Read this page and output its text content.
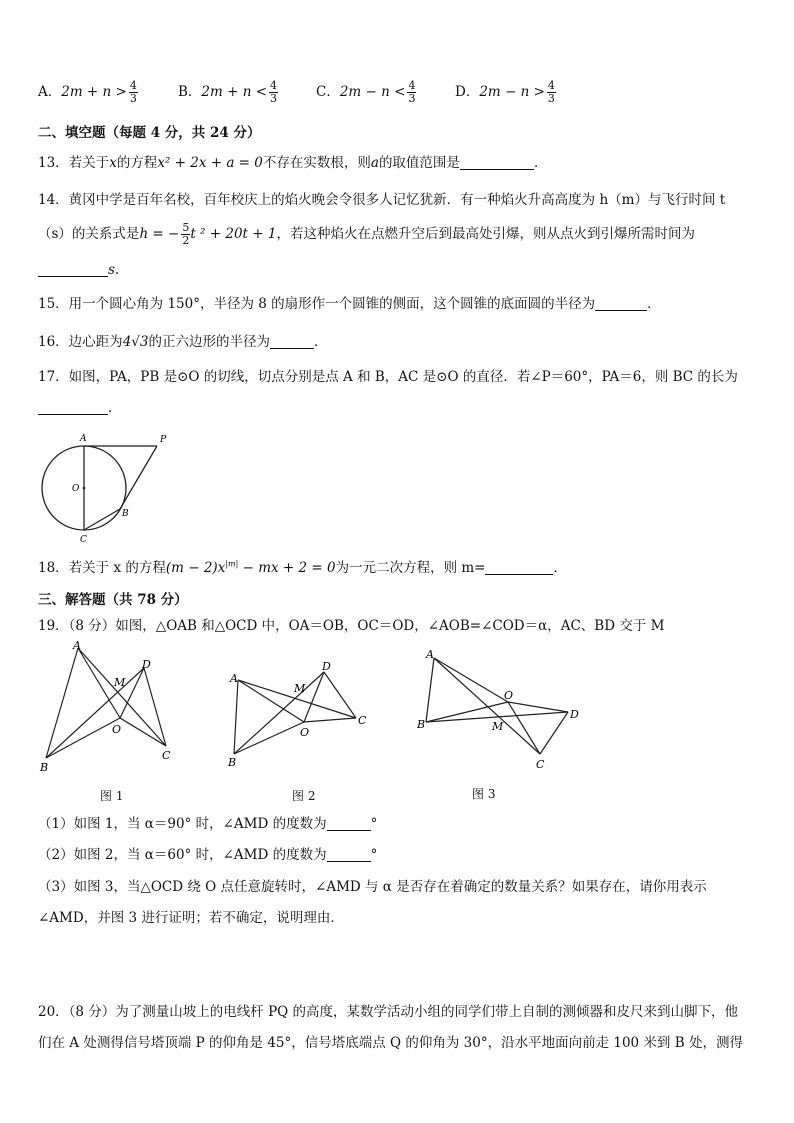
A．$2m + n > \frac{4}{3}$	B．$2m + n < \frac{4}{3}$	C．$2m - n < \frac{4}{3}$	D．$2m - n > \frac{4}{3}$
二、填空题（每题 4 分，共 24 分）
13．若关于x的方程x² + 2x + a = 0不存在实数根，则a的取值范围是	．
14．黄冈中学是百年名校，百年校庆上的焰火晚会令很多人记忆犹新．有一种焰火升高高度为 h（m）与飞行时间 t
（s）的关系式是h = − $\frac{5}{2}$ t ² + 20t + 1，若这种焰火在点燃升空后到最高处引爆，则从点火到引爆所需时间为
s.
15．用一个圆心角为 150°，半径为 8 的扇形作一个圆锥的侧面，这个圆锥的底面圆的半径为	．
16．边心距为4√3的正六边形的半径为	．
17．如图，PA，PB 是⊙O 的切线，切点分别是点 A 和 B，AC 是⊙O 的直径．若∠P＝60°，PA＝6，则 BC 的长为
．
A	P
O
B
C
18．若关于 x 的方程$(m - 2)x^{|m|}$ − mx + 2 = 0为一元二次方程，则 m=	．
三、解答题（共 78 分）
19．（8 分）如图，△OAB 和△OCD 中，OA＝OB，OC＝OD，∠AOB=∠COD＝α，AC、BD 交于 M
A
B
C
D
M
O
图 1
A
B
C
D
M
O
图 2
A
B
C
D
M
O
图 3
（1）如图 1，当 α＝90° 时，∠AMD 的度数为	°
（2）如图 2，当 α＝60° 时，∠AMD 的度数为	°
（3）如图 3，当△OCD 绕 O 点任意旋转时，∠AMD 与 α 是否存在着确定的数量关系？如果存在，请你用表示
∠AMD，并图 3 进行证明；若不确定，说明理由．
20．（8 分）为了测量山坡上的电线杆 PQ 的高度，某数学活动小组的同学们带上自制的测倾器和皮尺来到山脚下，他
们在 A 处测得信号塔顶端 P 的仰角是 45°，信号塔底端点 Q 的仰角为 30°，沿水平地面向前走 100 米到 B 处，测得
